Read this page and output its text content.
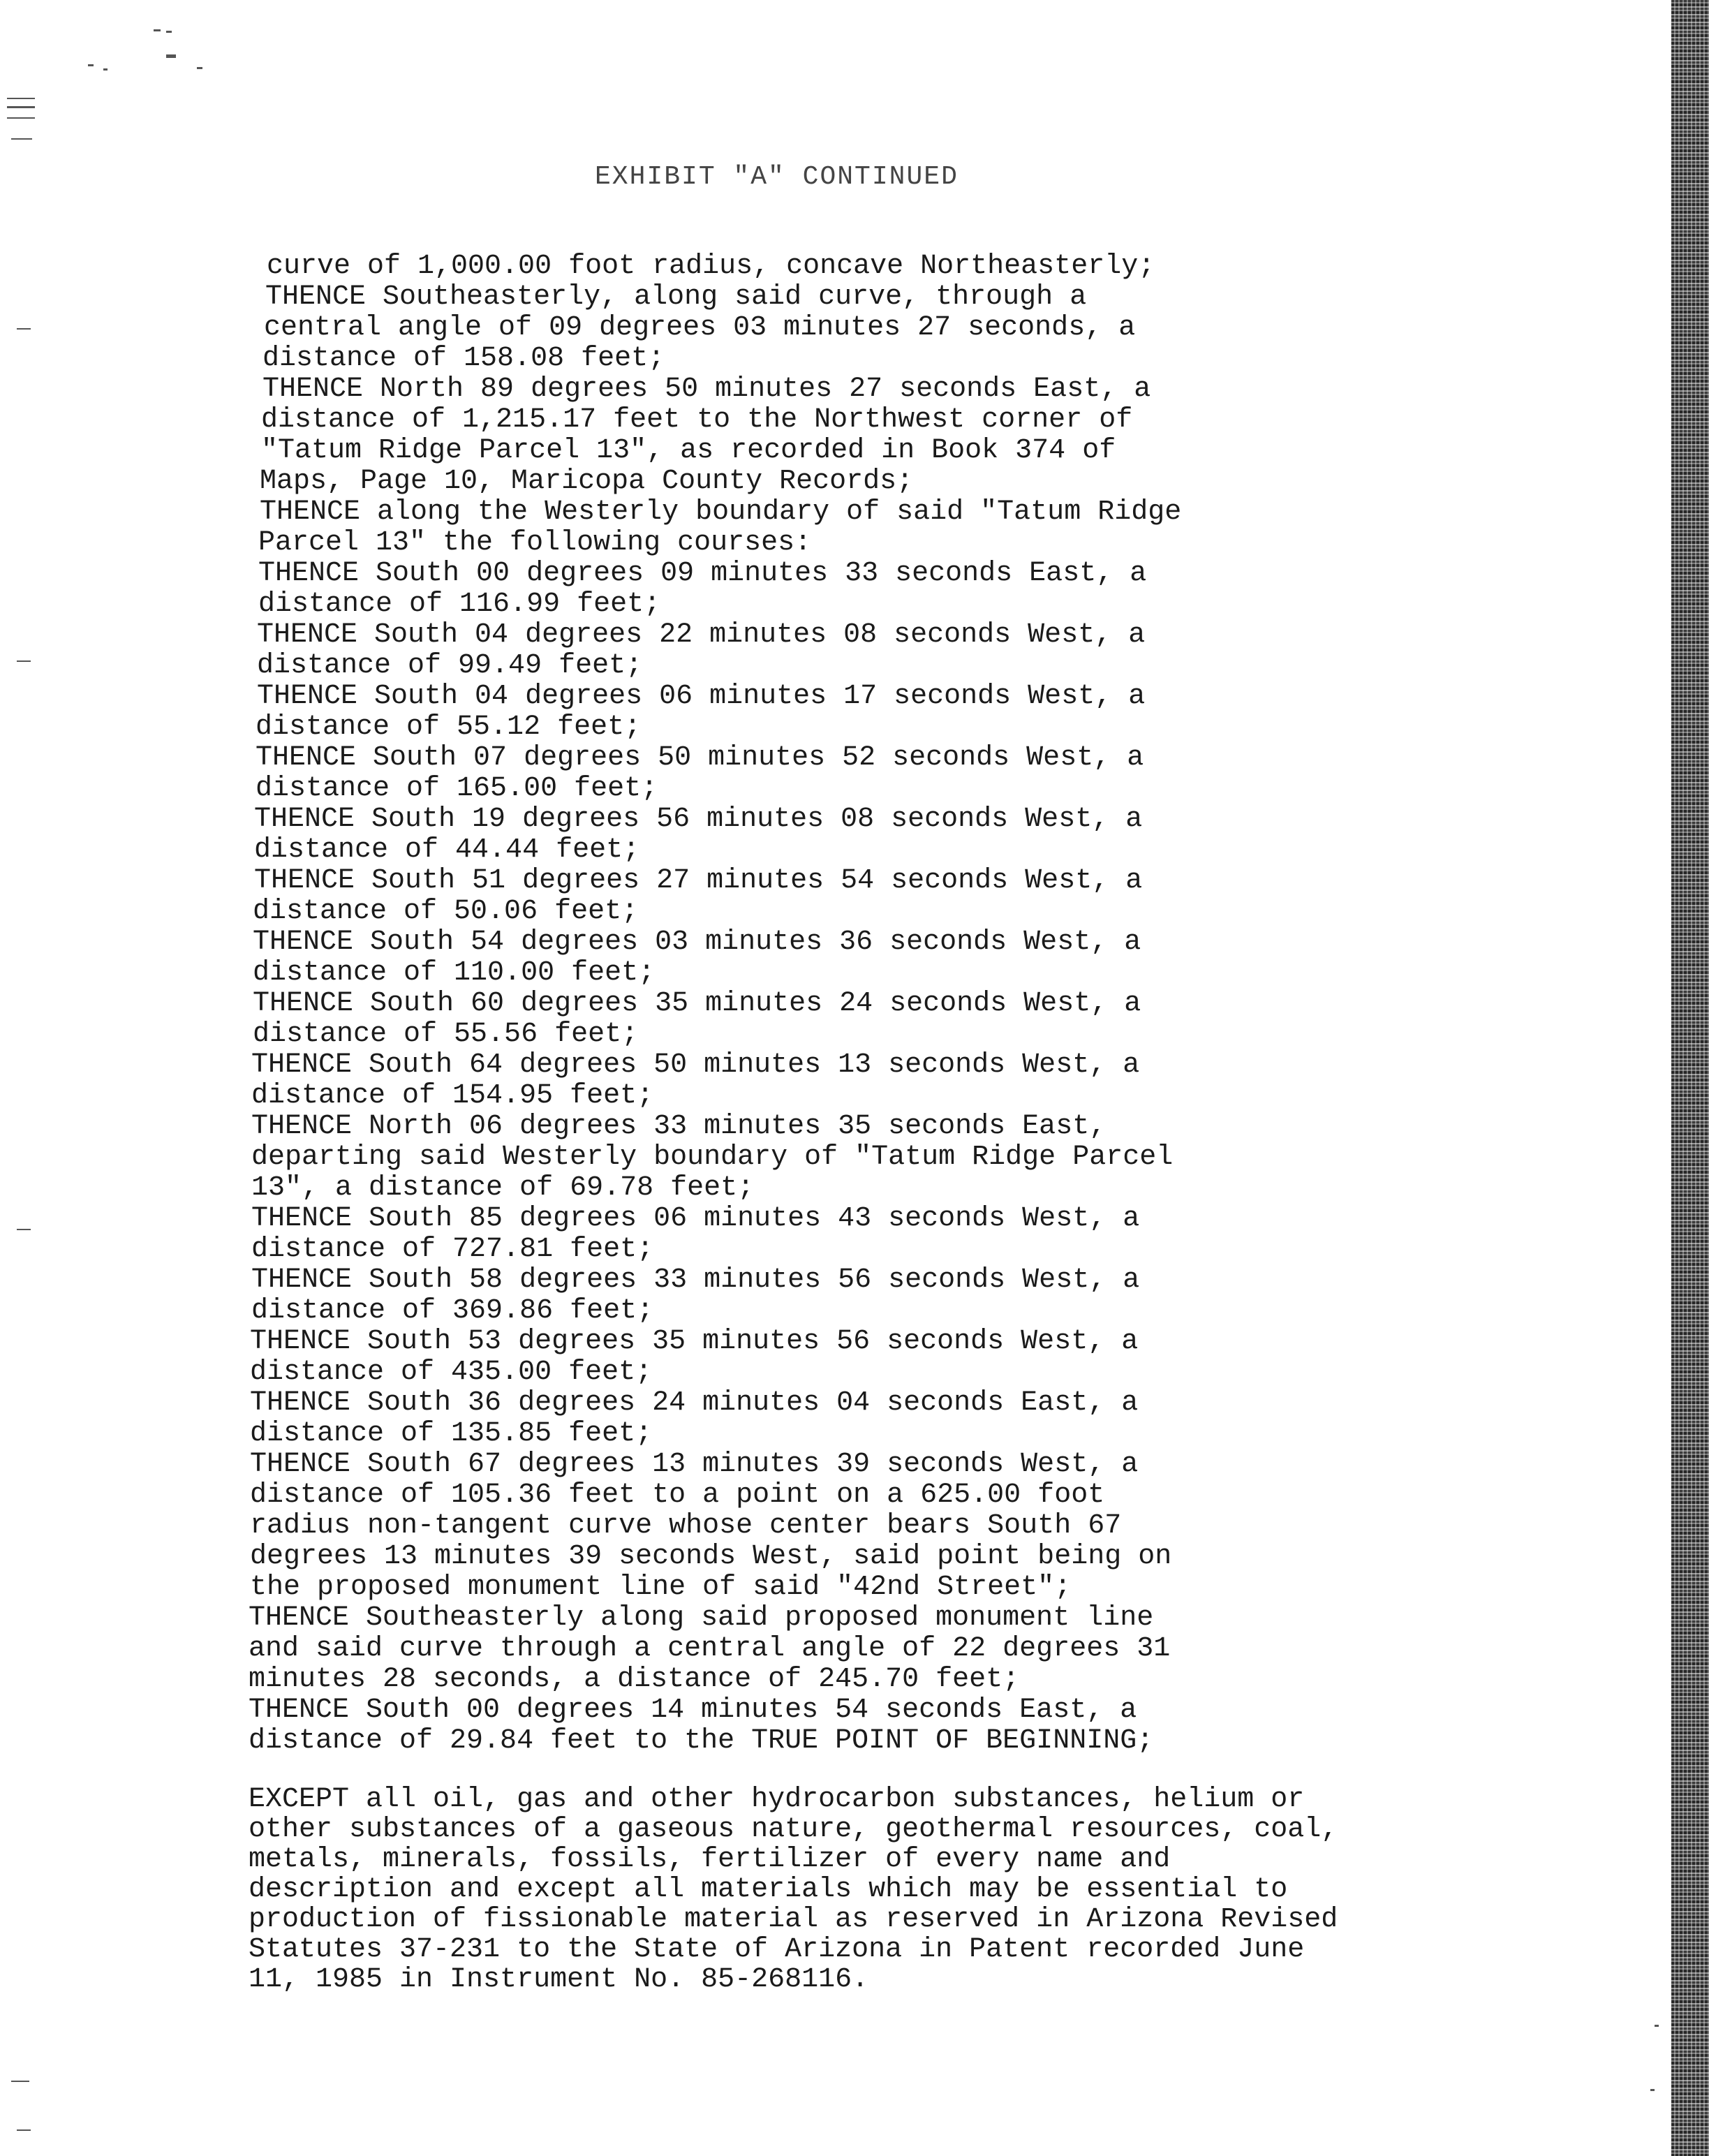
EXHIBIT "A" CONTINUED
curve of 1,000.00 foot radius, concave Northeasterly;
THENCE Southeasterly, along said curve, through a
central angle of 09 degrees 03 minutes 27 seconds, a
distance of 158.08 feet;
THENCE North 89 degrees 50 minutes 27 seconds East, a
distance of 1,215.17 feet to the Northwest corner of
"Tatum Ridge Parcel 13", as recorded in Book 374 of
Maps, Page 10, Maricopa County Records;
THENCE along the Westerly boundary of said "Tatum Ridge
Parcel 13" the following courses:
THENCE South 00 degrees 09 minutes 33 seconds East, a
distance of 116.99 feet;
THENCE South 04 degrees 22 minutes 08 seconds West, a
distance of 99.49 feet;
THENCE South 04 degrees 06 minutes 17 seconds West, a
distance of 55.12 feet;
THENCE South 07 degrees 50 minutes 52 seconds West, a
distance of 165.00 feet;
THENCE South 19 degrees 56 minutes 08 seconds West, a
distance of 44.44 feet;
THENCE South 51 degrees 27 minutes 54 seconds West, a
distance of 50.06 feet;
THENCE South 54 degrees 03 minutes 36 seconds West, a
distance of 110.00 feet;
THENCE South 60 degrees 35 minutes 24 seconds West, a
distance of 55.56 feet;
THENCE South 64 degrees 50 minutes 13 seconds West, a
distance of 154.95 feet;
THENCE North 06 degrees 33 minutes 35 seconds East,
departing said Westerly boundary of "Tatum Ridge Parcel
13", a distance of 69.78 feet;
THENCE South 85 degrees 06 minutes 43 seconds West, a
distance of 727.81 feet;
THENCE South 58 degrees 33 minutes 56 seconds West, a
distance of 369.86 feet;
THENCE South 53 degrees 35 minutes 56 seconds West, a
distance of 435.00 feet;
THENCE South 36 degrees 24 minutes 04 seconds East, a
distance of 135.85 feet;
THENCE South 67 degrees 13 minutes 39 seconds West, a
distance of 105.36 feet to a point on a 625.00 foot
radius non-tangent curve whose center bears South 67
degrees 13 minutes 39 seconds West, said point being on
the proposed monument line of said "42nd Street";
THENCE Southeasterly along said proposed monument line
and said curve through a central angle of 22 degrees 31
minutes 28 seconds, a distance of 245.70 feet;
THENCE South 00 degrees 14 minutes 54 seconds East, a
distance of 29.84 feet to the TRUE POINT OF BEGINNING;
EXCEPT all oil, gas and other hydrocarbon substances, helium or
other substances of a gaseous nature, geothermal resources, coal,
metals, minerals, fossils, fertilizer of every name and
description and except all materials which may be essential to
production of fissionable material as reserved in Arizona Revised
Statutes 37-231 to the State of Arizona in Patent recorded June
11, 1985 in Instrument No. 85-268116.
